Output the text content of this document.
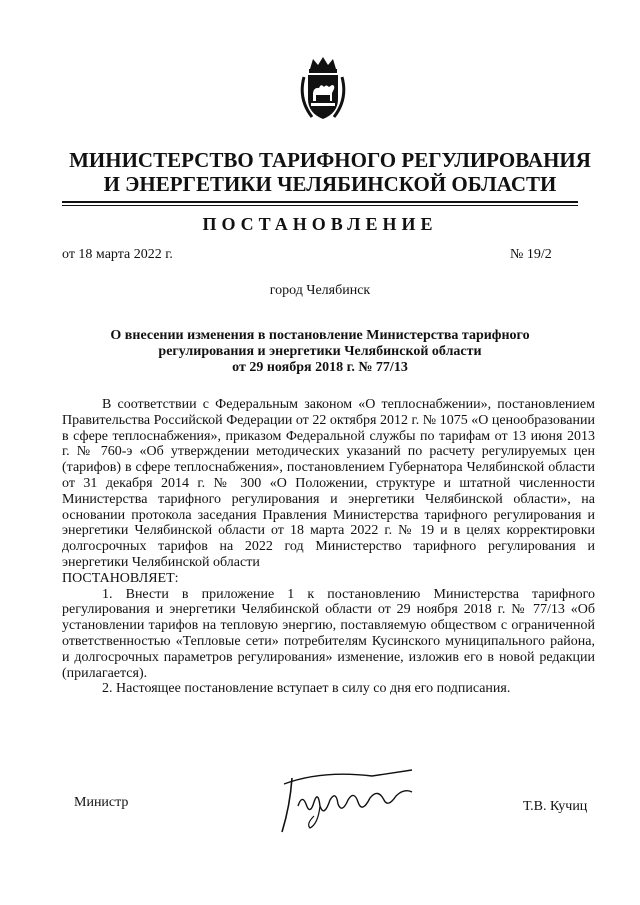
МИНИСТЕРСТВО ТАРИФНОГО РЕГУЛИРОВАНИЯ
И ЭНЕРГЕТИКИ ЧЕЛЯБИНСКОЙ ОБЛАСТИ
ПОСТАНОВЛЕНИЕ
от 18 марта 2022 г.	№ 19/2
город Челябинск
О внесении изменения в постановление Министерства тарифного
регулирования и энергетики Челябинской области
от 29 ноября 2018 г. № 77/13

В соответствии с Федеральным законом «О теплоснабжении», постановлением Правительства Российской Федерации от 22 октября 2012 г. № 1075 «О ценообразовании в сфере теплоснабжения», приказом Федеральной службы по тарифам от 13 июня 2013 г. № 760-э «Об утверждении методических указаний по расчету регулируемых цен (тарифов) в сфере теплоснабжения», постановлением Губернатора Челябинской области от 31 декабря 2014 г. № 300 «О Положении, структуре и штатной численности Министерства тарифного регулирования и энергетики Челябинской области», на основании протокола заседания Правления Министерства тарифного регулирования и энергетики Челябинской области от 18 марта 2022 г. № 19 и в целях корректировки долгосрочных тарифов на 2022 год Министерство тарифного регулирования и энергетики Челябинской области

ПОСТАНОВЛЯЕТ:

1. Внести в приложение 1 к постановлению Министерства тарифного регулирования и энергетики Челябинской области от 29 ноября 2018 г. № 77/13 «Об установлении тарифов на тепловую энергию, поставляемую обществом с ограниченной ответственностью «Тепловые сети» потребителям Кусинского муниципального района, и долгосрочных параметров регулирования» изменение, изложив его в новой редакции (прилагается).

2. Настоящее постановление вступает в силу со дня его подписания.

Министр	Т.В. Кучиц
